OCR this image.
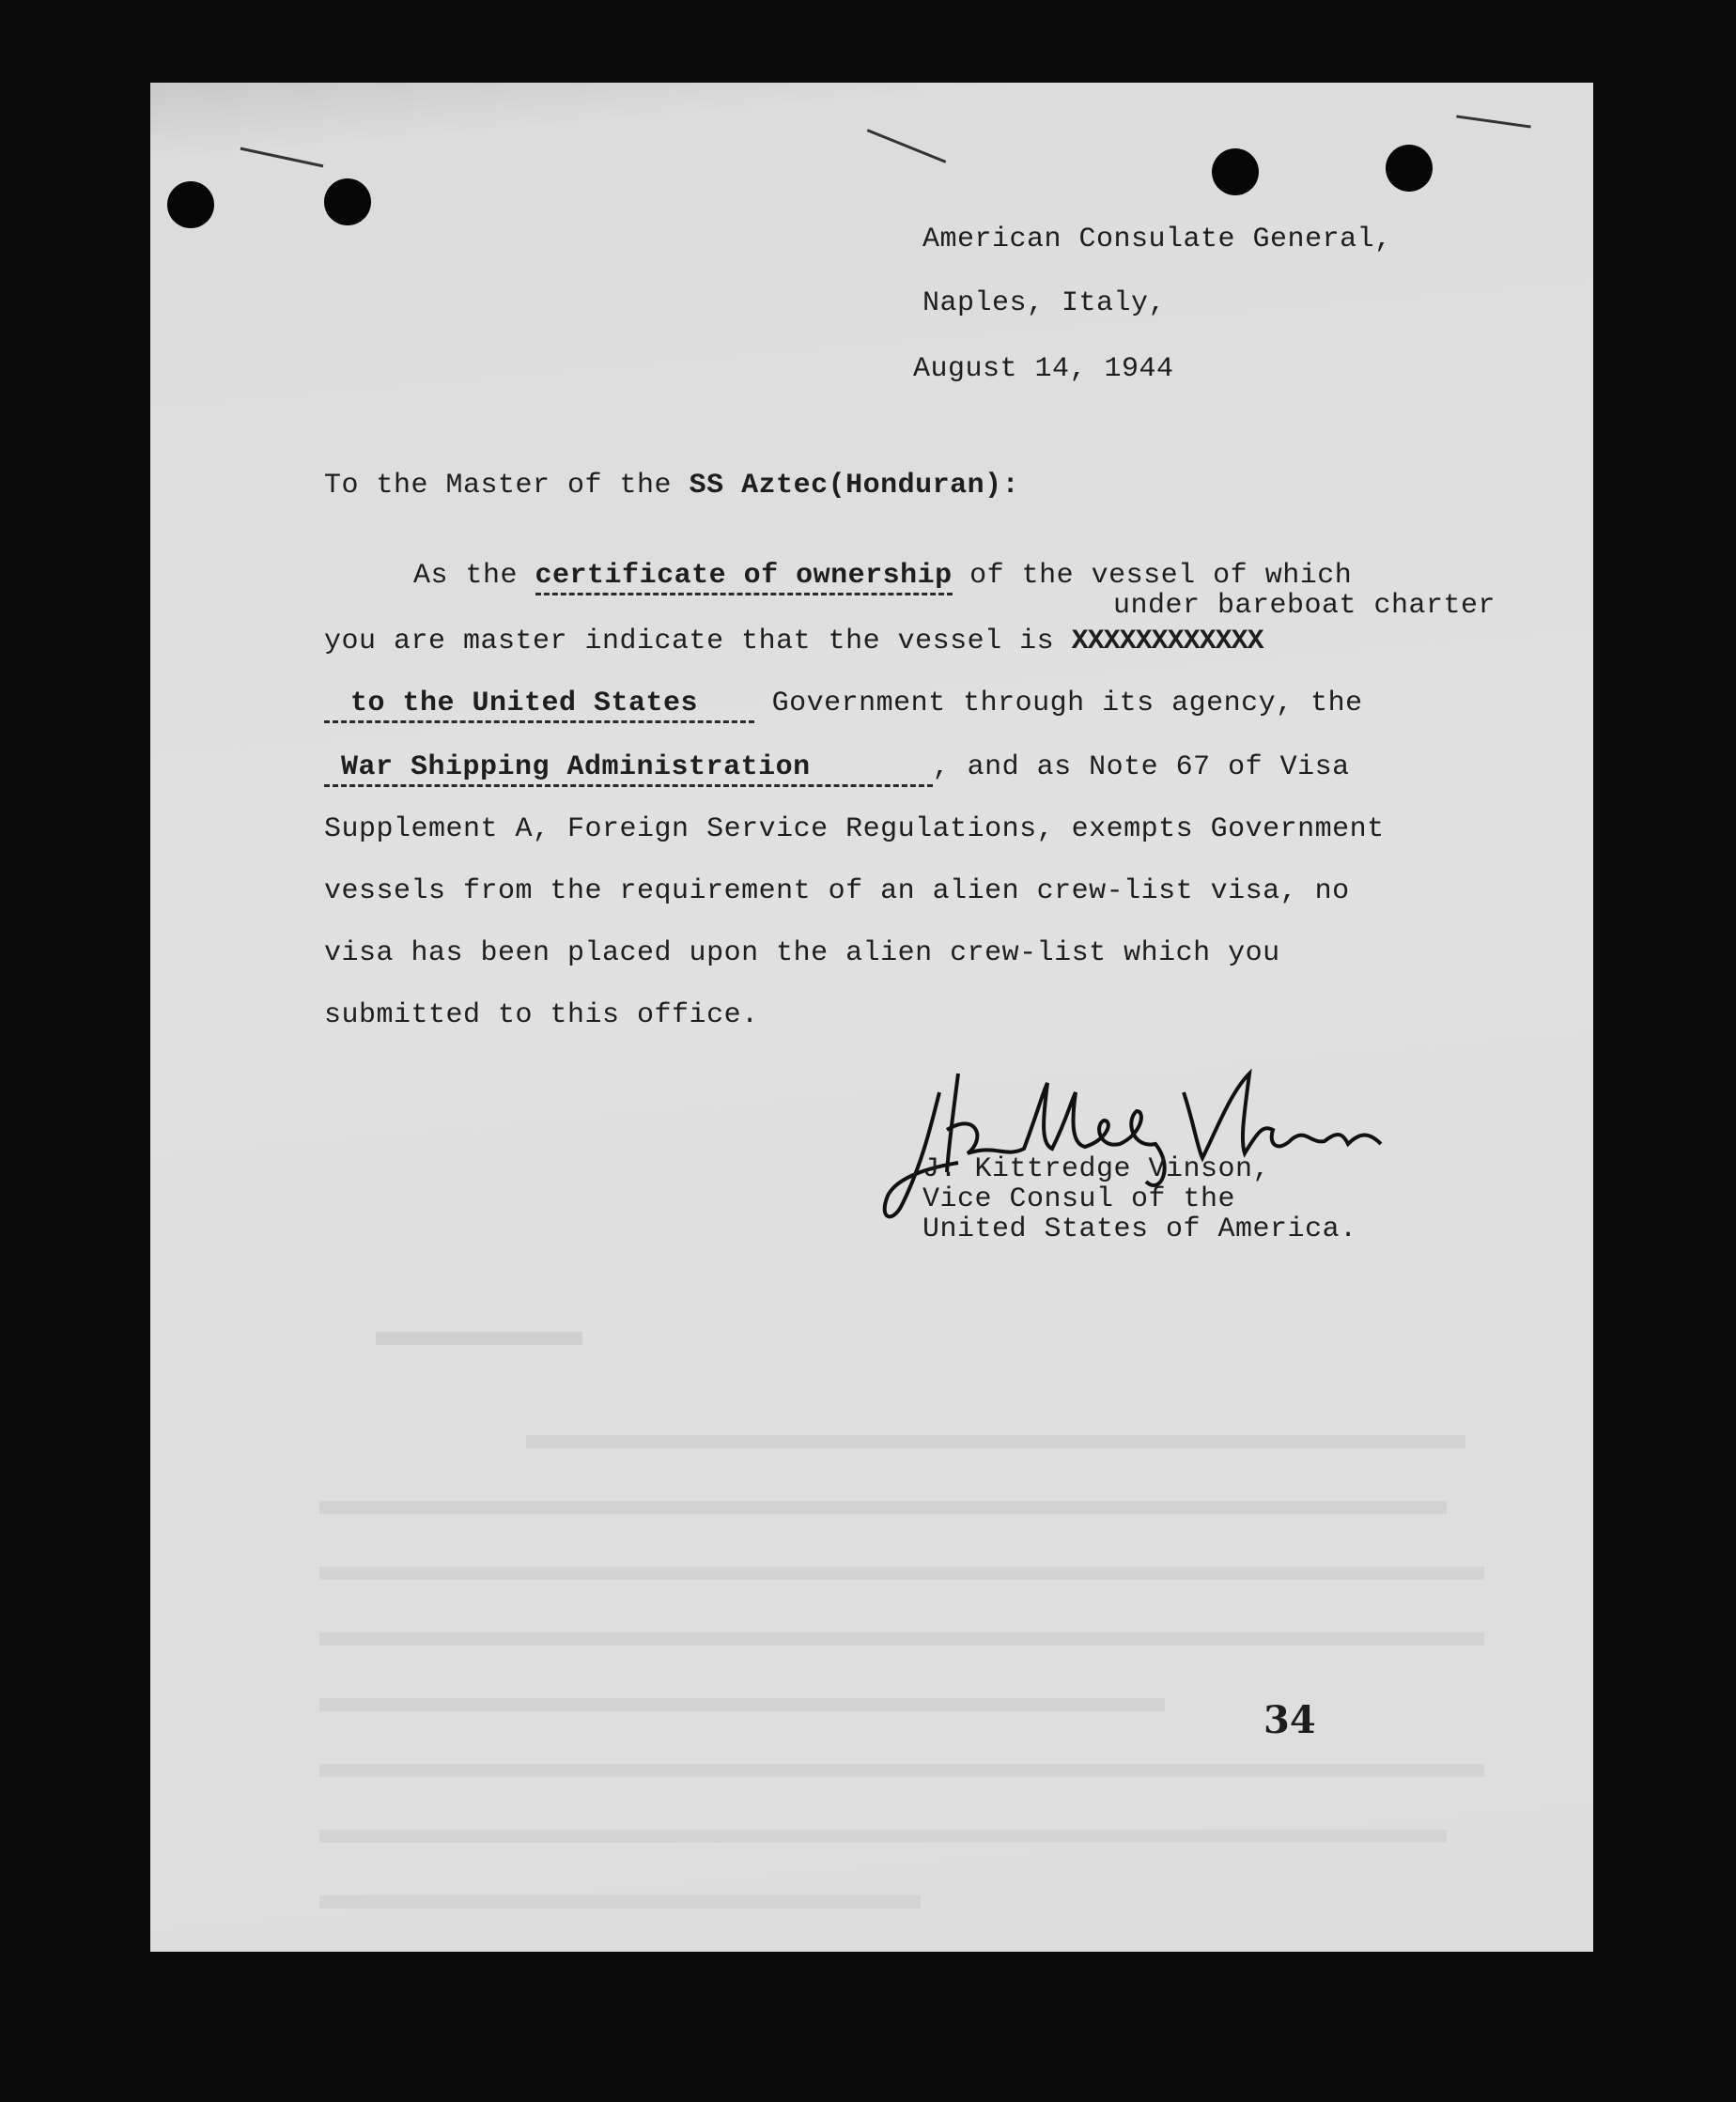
American Consulate General,
Naples, Italy,
August 14, 1944
To the Master of the SS Aztec(Honduran):
As the certificate of ownership of the vessel of which
under bareboat charter
you are master indicate that the vessel is XXXXXXXXXXXX
to the United States	Government through its agency, the
War Shipping Administration	, and as Note 67 of Visa
Supplement A, Foreign Service Regulations, exempts Government
vessels from the requirement of an alien crew-list visa, no
visa has been placed upon the alien crew-list which you
submitted to this office.
J. Kittredge Vinson,
Vice Consul of the
United States of America.
34
